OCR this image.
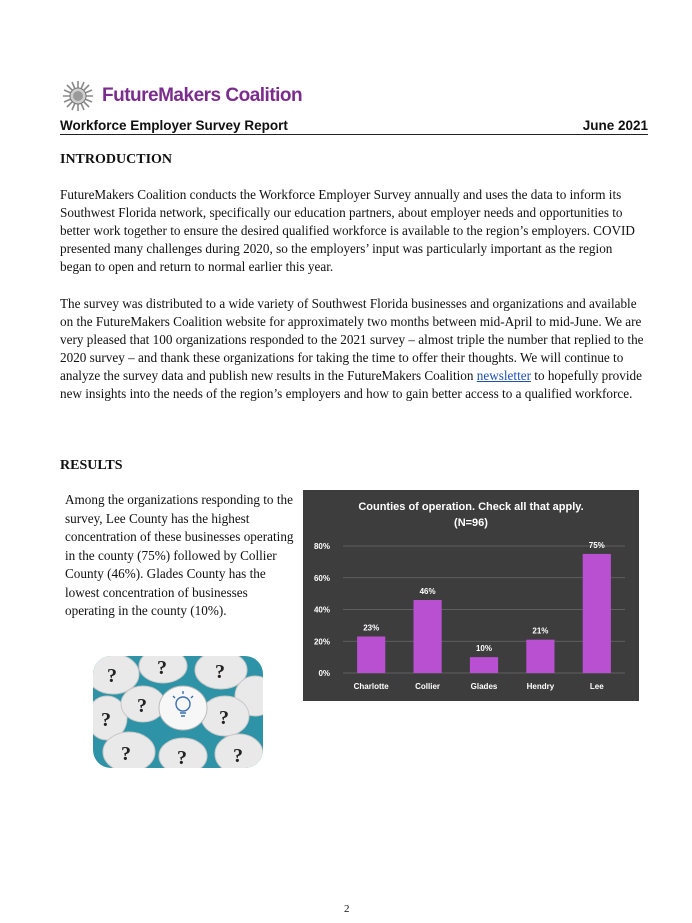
FutureMakers Coalition
Workforce Employer Survey Report	June 2021
INTRODUCTION
FutureMakers Coalition conducts the Workforce Employer Survey annually and uses the data to inform its Southwest Florida network, specifically our education partners, about employer needs and opportunities to better work together to ensure the desired qualified workforce is available to the region’s employers. COVID presented many challenges during 2020, so the employers’ input was particularly important as the region began to open and return to normal earlier this year.
The survey was distributed to a wide variety of Southwest Florida businesses and organizations and available on the FutureMakers Coalition website for approximately two months between mid-April to mid-June. We are very pleased that 100 organizations responded to the 2021 survey – almost triple the number that replied to the 2020 survey – and thank these organizations for taking the time to offer their thoughts. We will continue to analyze the survey data and publish new results in the FutureMakers Coalition newsletter to hopefully provide new insights into the needs of the region’s employers and how to gain better access to a qualified workforce.
RESULTS
Among the organizations responding to the survey, Lee County has the highest concentration of these businesses operating in the county (75%) followed by Collier County (46%). Glades County has the lowest concentration of businesses operating in the county (10%).
? ? ?
?
?
?	?
?
?
Counties of operation. Check all that apply.
(N=96)
0%
20%
40%
60%
80%
23%
46%
10%
21%
75%
Charlotte	Collier	Glades	Hendry	Lee
2
